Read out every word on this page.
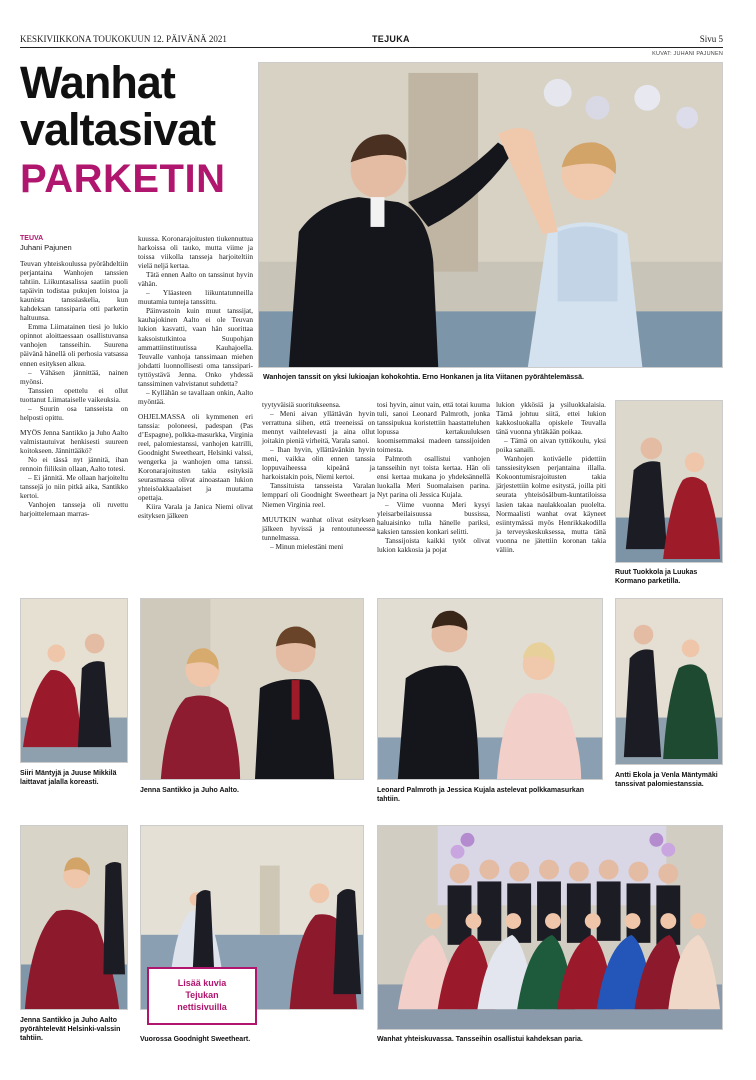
KESKIVIIKKONA TOUKOKUUN 12. PÄIVÄNÄ 2021	TEJUKA	Sivu 5
KUVAT: JUHANI PAJUNEN
Wanhat
valtasivat
PARKETIN
Wanhojen tanssit on yksi lukioajan kohokohtia. Erno Honkanen ja Iita Viitanen pyörähtelemässä.
TEUVA
Juhani Pajunen

Teuvan yhteiskoulussa pyörähdeltiin perjantaina Wanhojen tanssien tahtiin. Liikuntasalissa saatiin puoli tapäivin todistaa pukujen loistoa ja kaunista tanssiaskelia, kun kahdeksan tanssiparia otti parketin haltuunsa.

Emma Liimatainen tiesi jo lukio opinnot aloittaessaan osallistuvansa vanhojen tansseihin. Suurena päivänä hänellä oli perhosia vatsassa ennen esityksen alkua.

– Vähäsen jännittää, nainen myönsi.

Tanssien opettelu ei ollut tuottanut Liimataiselle vaikeuksia.

– Suurin osa tansseista on helposti opittu.

MYÖS Jenna Santikko ja Juho Aalto valmistautuivat henkisesti suureen koitokseen. Jännittääkö?

No ei tässä nyt jännitä, ihan rennoin fiiliksin ollaan, Aalto totesi.

– Ei jännitä. Me ollaan harjoiteltu tanssejä jo niin pitkä aika, Santikko kertoi.

Vanhojen tansseja oli ruvettu harjoittelemaan marras-

kuussa. Koronarajoitusten tiukennuttua harkoissa oli tauko, mutta viime ja toissa viikolla tansseja harjoiteltiin vielä neljä kertaa.

Tätä ennen Aalto on tanssinut hyvin vähän.

– Yläasteen liikuntatunneilla muutamia tunteja tanssittu.

Päinvastoin kuin muut tanssijat, kauhajokinen Aalto ei ole Teuvan lukion kasvatti, vaan hän suorittaa kaksoistutkintoa Suupohjan ammattiinstituutissa Kauhajoella. Teuvalle vanhoja tanssimaan miehen johdatti luonnollisesti oma tanssipari-tyttöystävä Jenna. Onko yhdessä tanssiminen vahvistanut suhdetta?

– Kyllähän se tavallaan onkin, Aalto myöntää.

OHJELMASSA oli kymmenen eri tanssia: poloneesi, padespan (Pas d’Espagne), polkka-masurkka, Virginia reel, palomiestanssi, vanhojen katrilli, Goodnight Sweetheart, Helsinki valssi, wengerka ja wanhojen oma tanssi. Koronarajoitusten takia esityksiä seurasmassa olivat ainoastaan lukion yhteisöakkaalaiset ja muutama opettaja.

Kiira Varala ja Janica Niemi olivat esityksen jälkeen

tyytyväisiä suoritukseensa.

– Meni aivan yllättävän hyvin verrattuna siihen, että treeneissä on mennyt vaihtelevasti ja aina ollut joitakin pieniä virheitä, Varala sanoi.

– Ihan hyvin, yllättävänkin hyvin meni, vaikka olin ennen tanssia loppuvaiheessa kipeänä ja harkoistakin pois, Niemi kertoi.

Tanssituista tansseista Varalan lempparí oli Goodnight Sweetheart ja Niemen Virginia reel.

MUUTKIN wanhat olivat esityksen jälkeen hyvissä ja rentoutuneessa tunnelmassa.

– Minun mielestäni meni

tosi hyvin, ainut vain, että totai kuuma tuli, sanoi Leonard Palmroth, jonka tanssipukua koristettiin haastatteluhen lopussa kertakuuluksen koomisemmaksi madeen tanssijoiden toimesta.

Palmroth osallistui vanhojen tansseihin nyt toista kertaa. Hän oli ensi kertaa mukana jo yhdeksännellä luokalla Meri Suomalaisen parina. Nyt parina oli Jessica Kujala.

– Viime vuonna Meri kysyi yleisarbeilaisuussa bussissa, haluaisinko tulla hänelle pariksi, kaksien tanssien konkari selitti.

Tanssijoista kaikki tytöt olivat lukion kakkosia ja pojat

lukion ykkösiä ja ysiluokkalaisia. Tämä johtuu siitä, ettei lukion kakkosluokalla opiskele Teuvalla tänä vuonna yhtäkään poikaa.

– Tämä on aivan tyttökoulu, yksi poika sanaili.

Wanhojen kotiväelle pidettiin tanssiesityksen perjantaina illalla. Kokoontumisrajoitusten takia järjestettiin kolme esitystä, joilla piti seurata yhteisösälbum-kuntatiloissa lasien takaa naulakkoalan puolelta. Normaalisti wanhat ovat käyneet esiintymässä myös Henrikkakodilla ja terveyskeskuksessa, mutta tänä vuonna ne jätettiin koronan takia väliin.

Ruut Tuokkola ja Luukas Kormano parketilla.
Siiri Mäntyjä ja Juuse Mikkilä laittavat jalalla koreasti.
Jenna Santikko ja Juho Aalto.	Leonard Palmroth ja Jessica Kujala astelevat polkkamasurkan tahtiin.
Antti Ekola ja Venla Mäntymäki tanssivat palomiestanssia.
Jenna Santikko ja Juho Aalto pyörähtelevät Helsinki-valssin tahtiin.	Vuorossa Goodnight Sweetheart.
Lisää kuvia
Tejukan
nettisivuilla
Wanhat yhteiskuvassa. Tansseihin osallistui kahdeksan paria.
